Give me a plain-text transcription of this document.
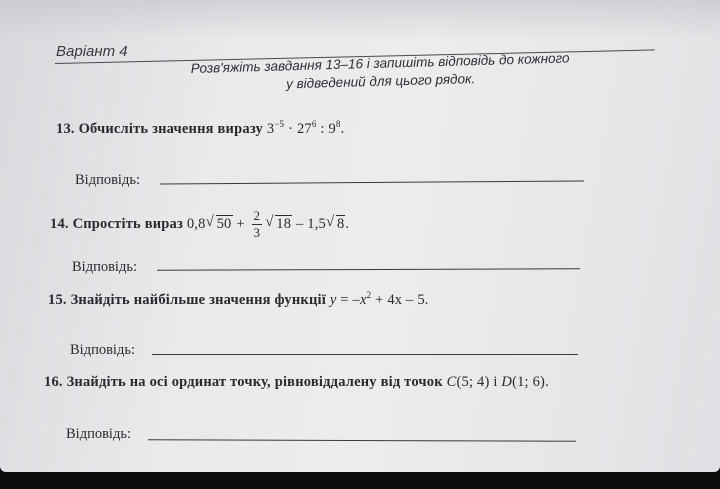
Варіант 4	Розв'яжіть завдання 13–16 і запишіть відповідь до кожного
у відведений для цього рядок.
13. Обчисліть значення виразу $3^{-5} \cdot 27^6$ : $9^8$.
Відповідь:
14. Спростіть вираз 0,8 √ $50 + \frac{2}{3}$ √ 18 – 1,5 √ 8.
Відповідь:
15. Знайдіть найбільше значення функції $y = -x^2 + 4x - 5$.
Відповідь:
16. Знайдіть на осі ординат точку, рівновіддалену від точок C(5; 4) і D(1; 6).
Відповідь:
